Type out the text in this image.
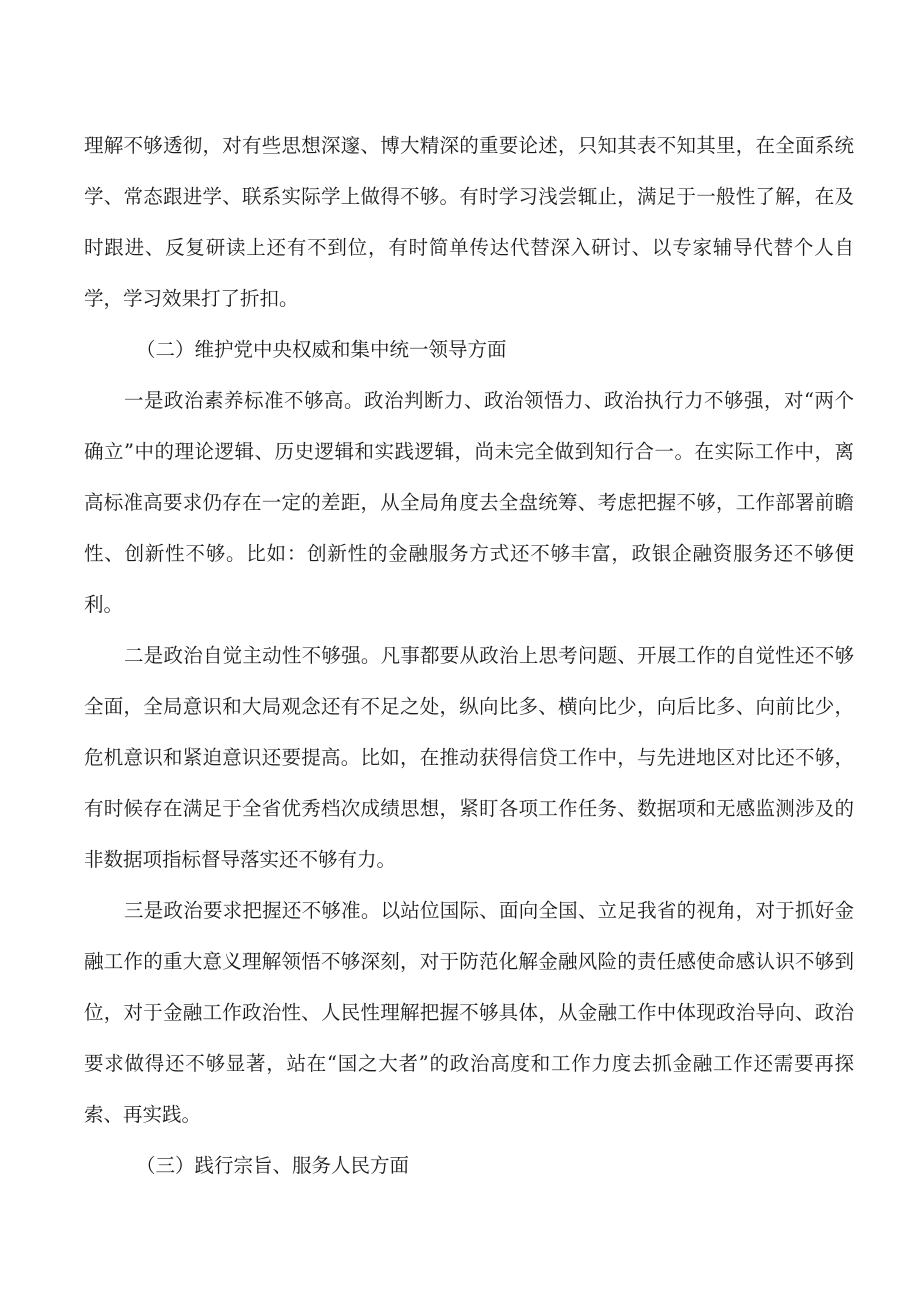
理解不够透彻，对有些思想深邃、博大精深的重要论述，只知其表不知其里，在全面系统学、常态跟进学、联系实际学上做得不够。有时学习浅尝辄止，满足于一般性了解，在及时跟进、反复研读上还有不到位，有时简单传达代替深入研讨、以专家辅导代替个人自学，学习效果打了折扣。

（二）维护党中央权威和集中统一领导方面

一是政治素养标准不够高。政治判断力、政治领悟力、政治执行力不够强，对“两个确立”中的理论逻辑、历史逻辑和实践逻辑，尚未完全做到知行合一。在实际工作中，离高标准高要求仍存在一定的差距，从全局角度去全盘统筹、考虑把握不够，工作部署前瞻性、创新性不够。比如：创新性的金融服务方式还不够丰富，政银企融资服务还不够便利。

二是政治自觉主动性不够强。凡事都要从政治上思考问题、开展工作的自觉性还不够全面，全局意识和大局观念还有不足之处，纵向比多、横向比少，向后比多、向前比少，危机意识和紧迫意识还要提高。比如，在推动获得信贷工作中，与先进地区对比还不够，有时候存在满足于全省优秀档次成绩思想，紧盯各项工作任务、数据项和无感监测涉及的非数据项指标督导落实还不够有力。

三是政治要求把握还不够准。以站位国际、面向全国、立足我省的视角，对于抓好金融工作的重大意义理解领悟不够深刻，对于防范化解金融风险的责任感使命感认识不够到位，对于金融工作政治性、人民性理解把握不够具体，从金融工作中体现政治导向、政治要求做得还不够显著，站在“国之大者”的政治高度和工作力度去抓金融工作还需要再探索、再实践。

（三）践行宗旨、服务人民方面
